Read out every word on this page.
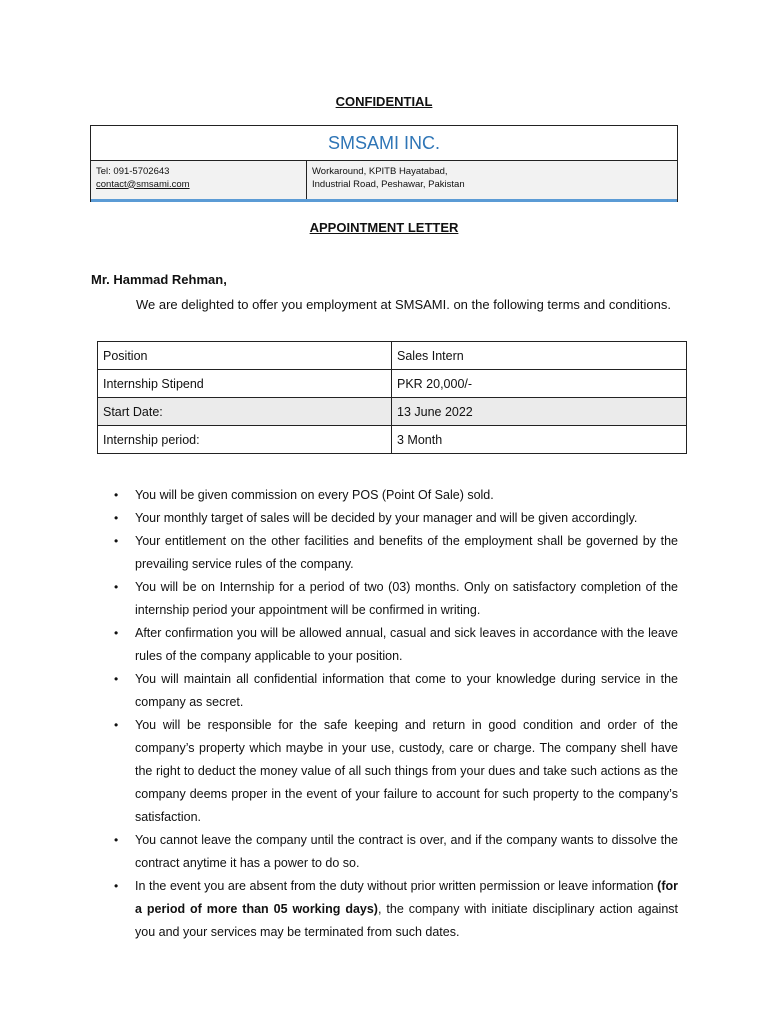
CONFIDENTIAL
SMSAMI INC.
Tel: 091-5702643
contact@smsami.com
Workaround, KPITB Hayatabad,
Industrial Road, Peshawar, Pakistan
APPOINTMENT LETTER
Mr. Hammad Rehman,
We are delighted to offer you employment at SMSAMI. on the following terms and conditions.
Position	Sales Intern
Internship Stipend	PKR 20,000/-
Start Date:	13 June 2022
Internship period:	3 Month
• You will be given commission on every POS (Point Of Sale) sold.
• Your monthly target of sales will be decided by your manager and will be given accordingly.
• Your entitlement on the other facilities and benefits of the employment shall be governed by the prevailing service rules of the company.
• You will be on Internship for a period of two (03) months. Only on satisfactory completion of the internship period your appointment will be confirmed in writing.
• After confirmation you will be allowed annual, casual and sick leaves in accordance with the leave rules of the company applicable to your position.
• You will maintain all confidential information that come to your knowledge during service in the company as secret.
• You will be responsible for the safe keeping and return in good condition and order of the company’s property which maybe in your use, custody, care or charge. The company shell have the right to deduct the money value of all such things from your dues and take such actions as the company deems proper in the event of your failure to account for such property to the company’s satisfaction.
• You cannot leave the company until the contract is over, and if the company wants to dissolve the contract anytime it has a power to do so.
• In the event you are absent from the duty without prior written permission or leave information (for a period of more than 05 working days), the company with initiate disciplinary action against you and your services may be terminated from such dates.
